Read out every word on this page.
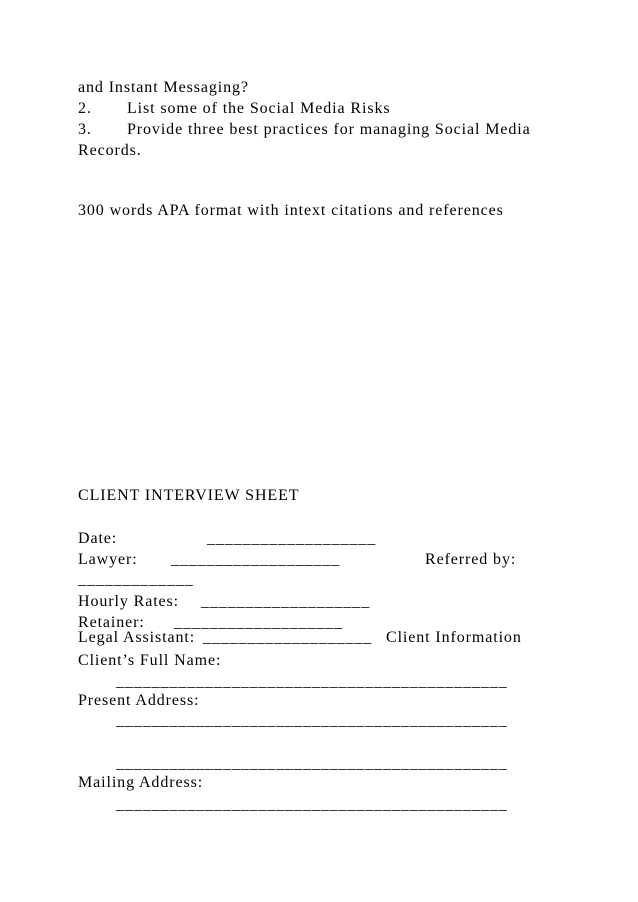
and Instant Messaging?
2. List some of the Social Media Risks
3. Provide three best practices for managing Social Media
Records.
300 words APA format with intext citations and references
CLIENT INTERVIEW SHEET
Date:	___________________
Lawyer: ___________________	Referred by:
_____________
Hourly Rates: ___________________
Retainer: ___________________
Legal Assistant: ___________________ Client Information
Client’s Full Name:
____________________________________________
Present Address:
____________________________________________
____________________________________________
Mailing Address:
____________________________________________
